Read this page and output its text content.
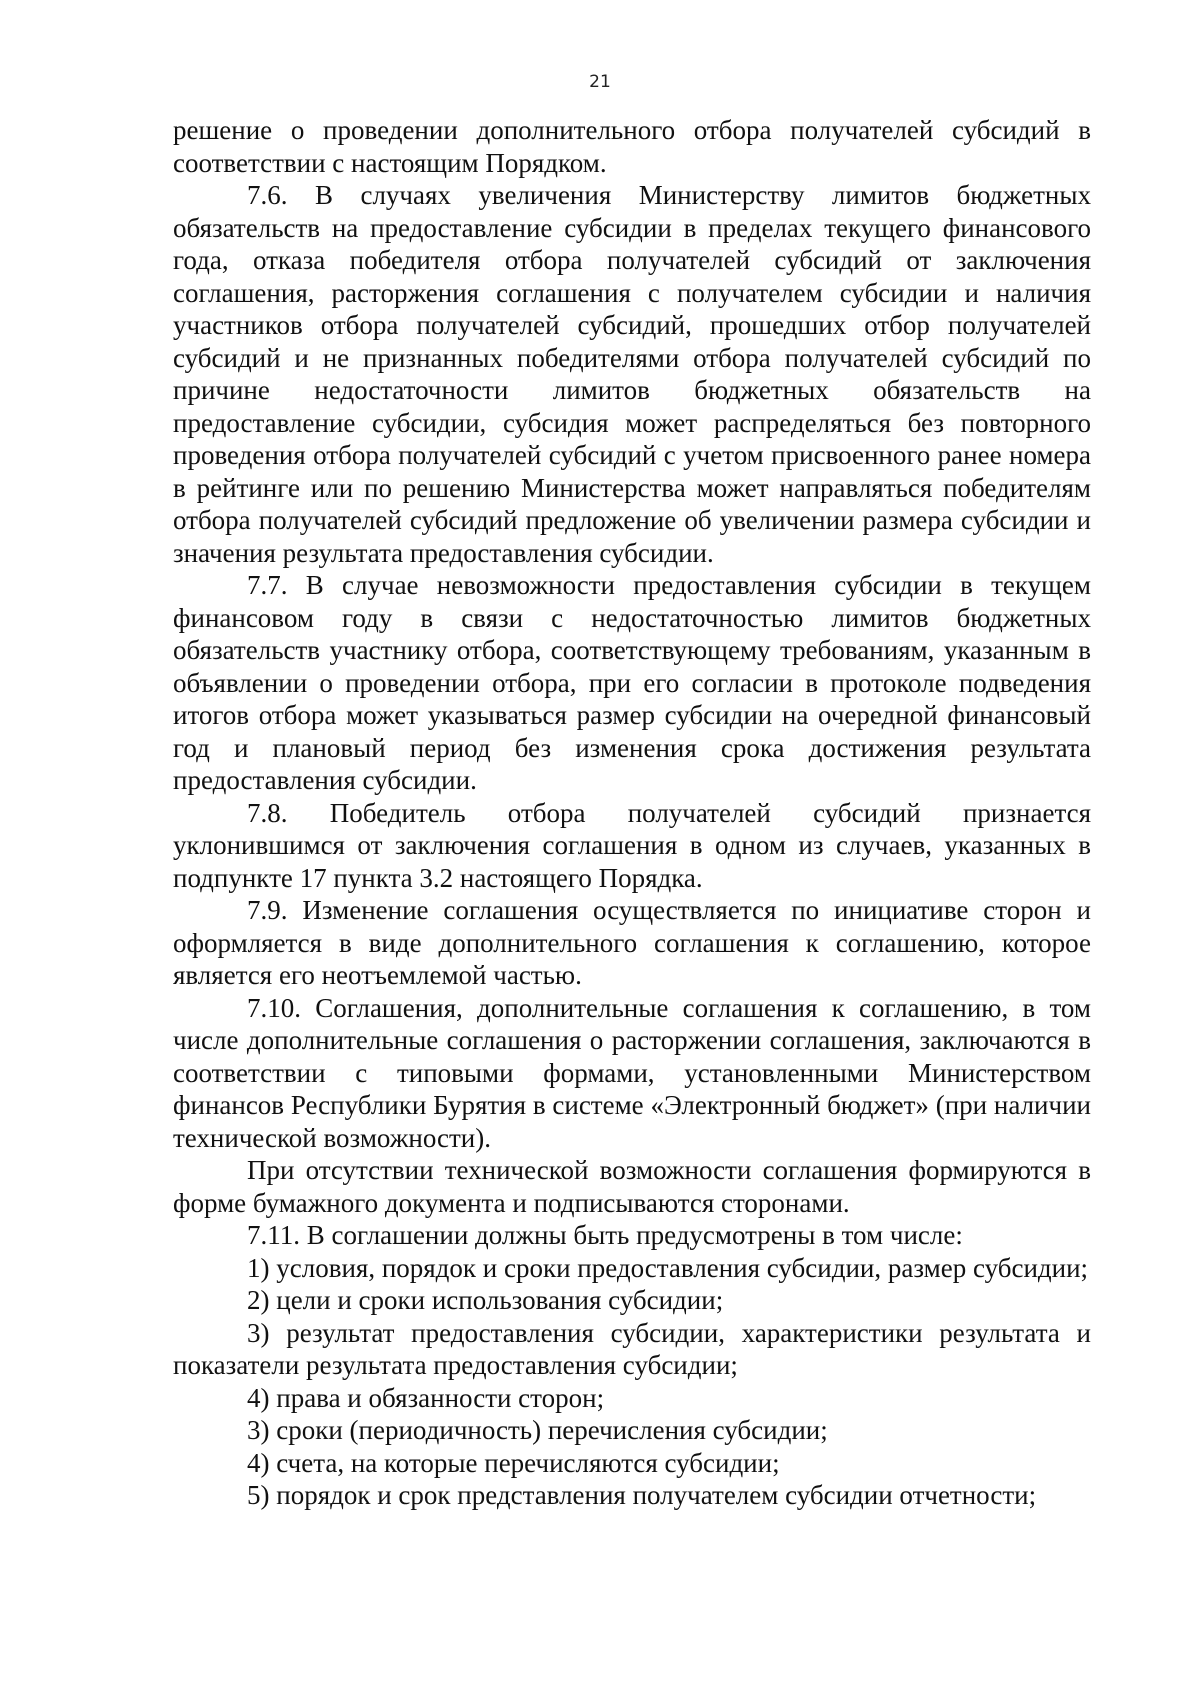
21

решение о проведении дополнительного отбора получателей субсидий в соответствии с настоящим Порядком.

7.6. В случаях увеличения Министерству лимитов бюджетных обязательств на предоставление субсидии в пределах текущего финансового года, отказа победителя отбора получателей субсидий от заключения соглашения, расторжения соглашения с получателем субсидии и наличия участников отбора получателей субсидий, прошедших отбор получателей субсидий и не признанных победителями отбора получателей субсидий по причине недостаточности лимитов бюджетных обязательств на предоставление субсидии, субсидия может распределяться без повторного проведения отбора получателей субсидий с учетом присвоенного ранее номера в рейтинге или по решению Министерства может направляться победителям отбора получателей субсидий предложение об увеличении размера субсидии и значения результата предоставления субсидии.

7.7. В случае невозможности предоставления субсидии в текущем финансовом году в связи с недостаточностью лимитов бюджетных обязательств участнику отбора, соответствующему требованиям, указанным в объявлении о проведении отбора, при его согласии в протоколе подведения итогов отбора может указываться размер субсидии на очередной финансовый год и плановый период без изменения срока достижения результата предоставления субсидии.

7.8. Победитель отбора получателей субсидий признается уклонившимся от заключения соглашения в одном из случаев, указанных в подпункте 17 пункта 3.2 настоящего Порядка.

7.9. Изменение соглашения осуществляется по инициативе сторон и оформляется в виде дополнительного соглашения к соглашению, которое является его неотъемлемой частью.

7.10. Соглашения, дополнительные соглашения к соглашению, в том числе дополнительные соглашения о расторжении соглашения, заключаются в соответствии с типовыми формами, установленными Министерством финансов Республики Бурятия в системе «Электронный бюджет» (при наличии технической возможности).

При отсутствии технической возможности соглашения формируются в форме бумажного документа и подписываются сторонами.

7.11. В соглашении должны быть предусмотрены в том числе:

1) условия, порядок и сроки предоставления субсидии, размер субсидии;

2) цели и сроки использования субсидии;

3) результат предоставления субсидии, характеристики результата и показатели результата предоставления субсидии;

4) права и обязанности сторон;

3) сроки (периодичность) перечисления субсидии;

4) счета, на которые перечисляются субсидии;

5) порядок и срок представления получателем субсидии отчетности;
